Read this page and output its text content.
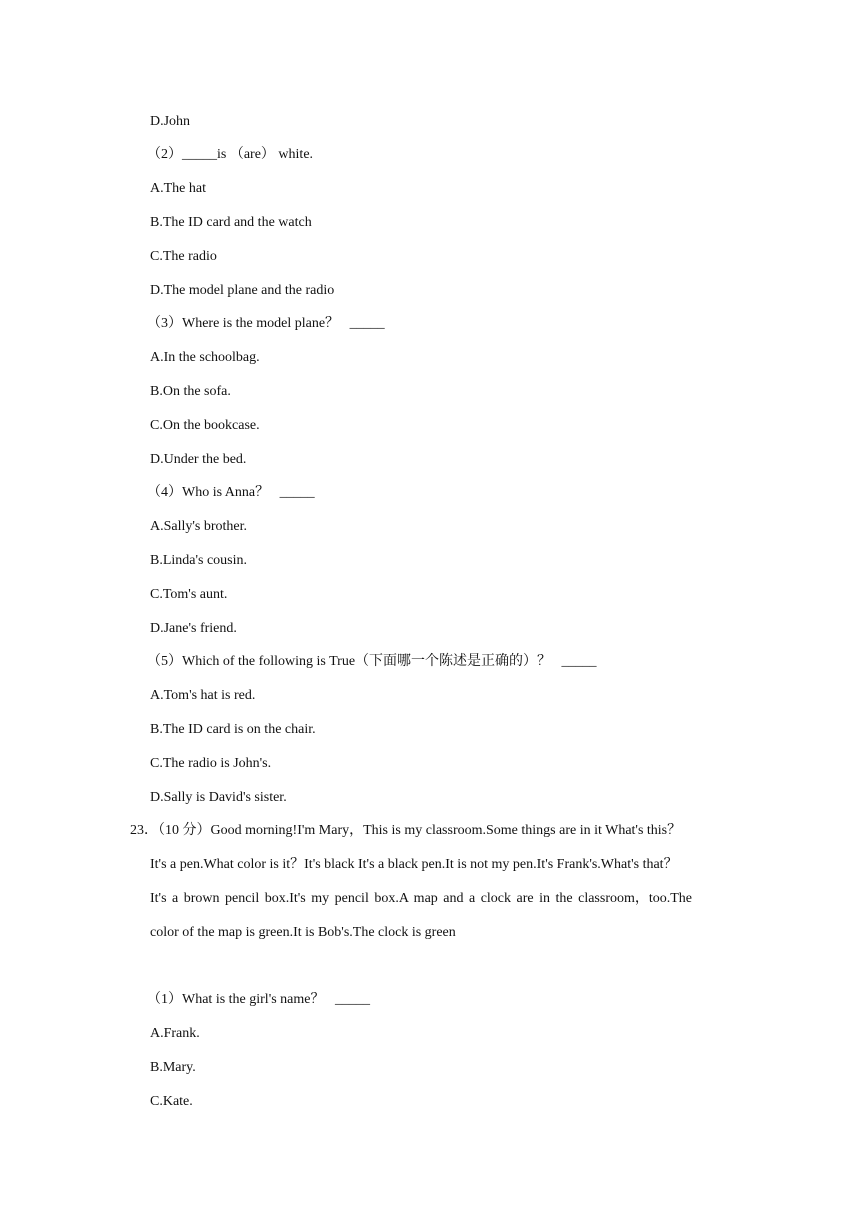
D.John
（2）_____is （are） white.
A.The hat
B.The ID card and the watch
C.The radio
D.The model plane and the radio
（3）Where is the model plane？ _____
A.In the schoolbag.
B.On the sofa.
C.On the bookcase.
D.Under the bed.
（4）Who is Anna？ _____
A.Sally's brother.
B.Linda's cousin.
C.Tom's aunt.
D.Jane's friend.
（5）Which of the following is True（下面哪一个陈述是正确的）？ _____
A.Tom's hat is red.
B.The ID card is on the chair.
C.The radio is John's.
D.Sally is David's sister.
23．（10 分）Good morning!I'm Mary，This is my classroom.Some things are in it What's this？
It's a pen.What color is it？It's black It's a black pen.It is not my pen.It's Frank's.What's that？
It's a brown pencil box.It's my pencil box.A map and a clock are in the classroom，too.The
color of the map is green.It is Bob's.The clock is green
（1）What is the girl's name？ _____
A.Frank.
B.Mary.
C.Kate.
